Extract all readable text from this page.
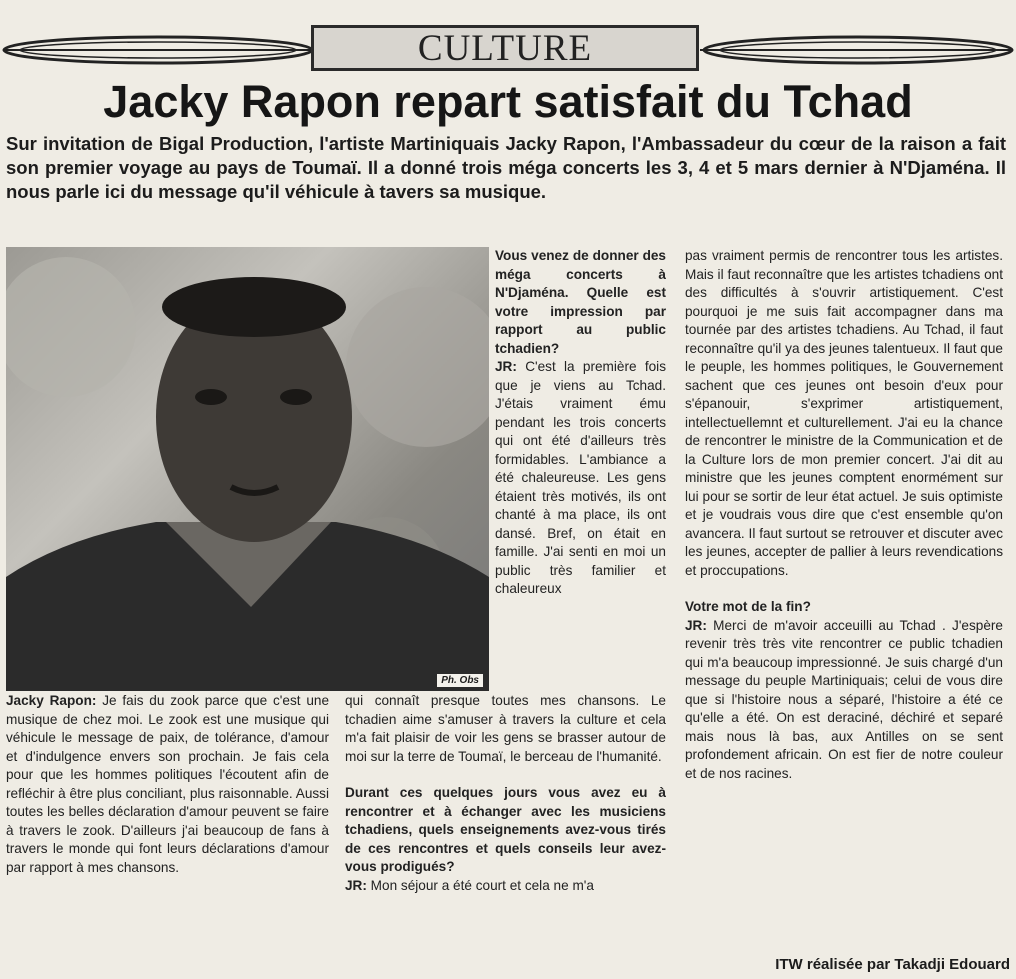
CULTURE
Jacky Rapon repart satisfait du Tchad
Sur invitation de Bigal Production, l'artiste Martiniquais Jacky Rapon, l'Ambassadeur du cœur de la raison a fait son premier voyage au pays de Toumaï. Il a donné trois méga concerts les 3, 4 et 5 mars dernier à N'Djaména. Il nous parle ici du message qu'il véhicule à tavers sa musique.
Ph. Obs

Jacky Rapon: Je fais du zook parce que c'est une musique de chez moi. Le zook est une musique qui véhicule le message de paix, de tolérance, d'amour et d'indulgence envers son prochain. Je fais cela pour que les hommes politiques l'écoutent afin de refléchir à être plus conciliant, plus raisonnable. Aussi toutes les belles déclaration d'amour peuvent se faire à travers le zook. D'ailleurs j'ai beaucoup de fans à travers le monde qui font leurs déclarations d'amour par rapport à mes chansons.

Vous venez de donner des méga concerts à N'Djaména. Quelle est votre impression par rapport au public tchadien?

JR: C'est la première fois que je viens au Tchad. J'étais vraiment ému pendant les trois concerts qui ont été d'ailleurs très formidables. L'ambiance a été chaleureuse. Les gens étaient très motivés, ils ont chanté à ma place, ils ont dansé. Bref, on était en famille. J'ai senti en moi un public très familier et chaleureux

qui connaît presque toutes mes chansons. Le tchadien aime s'amuser à travers la culture et cela m'a fait plaisir de voir les gens se brasser autour de moi sur la terre de Toumaï, le berceau de l'humanité.

Durant ces quelques jours vous avez eu à rencontrer et à échanger avec les musiciens tchadiens, quels enseignements avez-vous tirés de ces rencontres et quels conseils leur avez-vous prodigués?

JR: Mon séjour a été court et cela ne m'a

pas vraiment permis de rencontrer tous les artistes. Mais il faut reconnaître que les artistes tchadiens ont des difficultés à s'ouvrir artistiquement. C'est pourquoi je me suis fait accompagner dans ma tournée par des artistes tchadiens. Au Tchad, il faut reconnaître qu'il ya des jeunes talentueux. Il faut que le peuple, les hommes politiques, le Gouvernement sachent que ces jeunes ont besoin d'eux pour s'épanouir, s'exprimer artistiquement, intellectuellemnt et culturellement. J'ai eu la chance de rencontrer le ministre de la Communication et de la Culture lors de mon premier concert. J'ai dit au ministre que les jeunes comptent enormément sur lui pour se sortir de leur état actuel. Je suis optimiste et je voudrais vous dire que c'est ensemble qu'on avancera. Il faut surtout se retrouver et discuter avec les jeunes, accepter de pallier à leurs revendications et proccupations.

Votre mot de la fin?

JR: Merci de m'avoir acceuilli au Tchad . J'espère revenir très très vite rencontrer ce public tchadien qui m'a beaucoup impressionné. Je suis chargé d'un message du peuple Martiniquais; celui de vous dire que si l'histoire nous a séparé, l'histoire a été ce qu'elle a été. On est deraciné, déchiré et separé mais nous là bas, aux Antilles on se sent profondement africain. On est fier de notre couleur et de nos racines.

ITW réalisée par Takadji Edouard
